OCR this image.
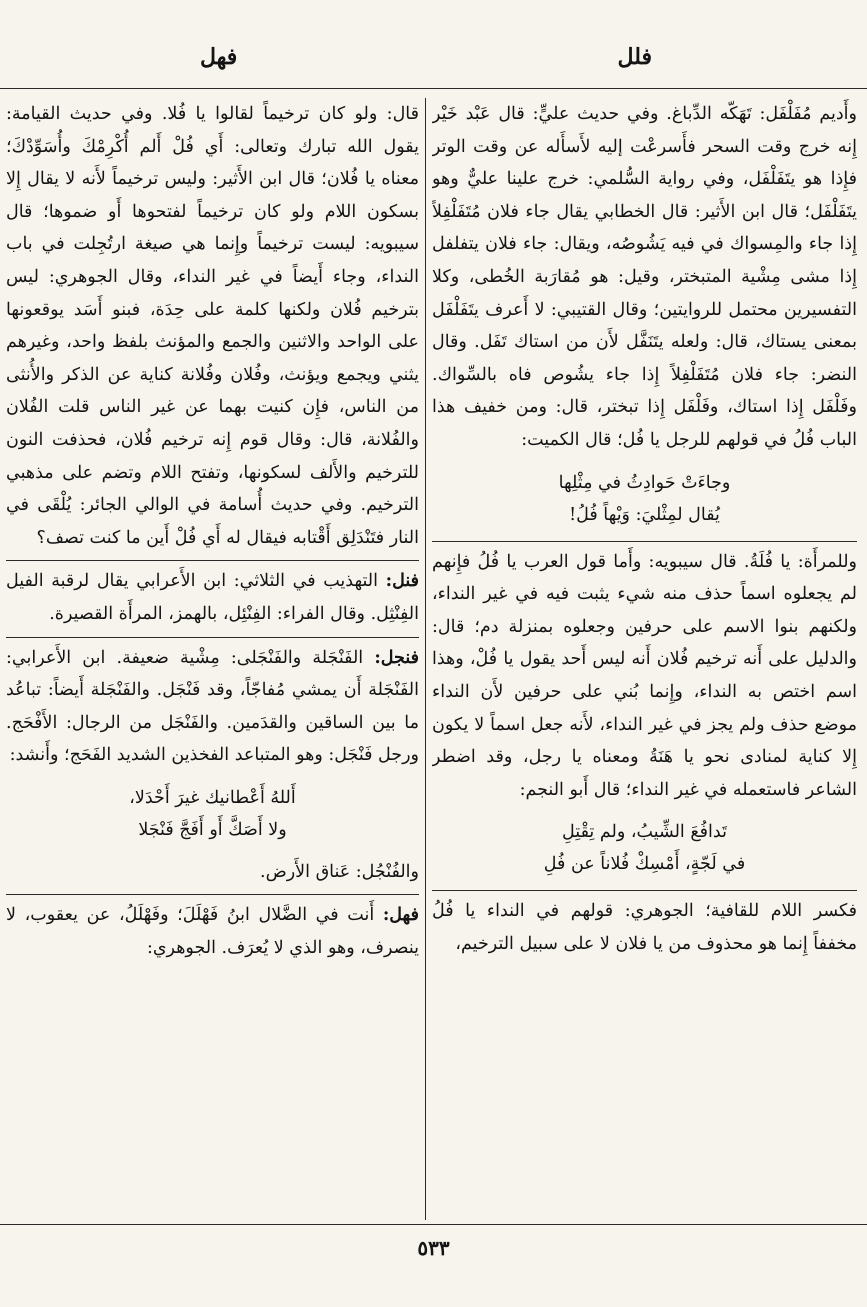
فلل
فهل

وأَديم مُفَلْفَل: تَهَكّه الدِّباغ. وفي حديث عليٍّ: قال عَبْد خَيْر إِنه خرج وقت السحر فأَسرعْت إليه لأَسأَله عن وقت الوتر فإِذا هو يتَفَلْفَل، وفي رواية السُّلمي: خرج علينا عليٌّ وهو يتَفَلْفَل؛ قال ابن الأَثير: قال الخطابي يقال جاء فلان مُتَفَلْفِلاً إِذا جاء والمِسواك في فيه يَشُوصُه، ويقال: جاء فلان يتفلفل إِذا مشى مِشْية المتبختر، وقيل: هو مُقارَبة الخُطى، وكلا التفسيرين محتمل للروايتين؛ وقال القتيبي: لا أَعرف يتَفَلْفَل بمعنى يستاك، قال: ولعله يتَنَفَّل لأَن من استاك تَفَل. وقال النضر: جاء فلان مُتَفَلْفِلاً إِذا جاء يشُوص فاه بالسِّواك. وفَلْفَل إِذا استاك، وفَلْفَل إِذا تبختر، قال: ومن خفيف هذا الباب فُلُ في قولهم للرجل يا فُل؛ قال الكميت:

وجاءَتْ حَوادِثُ في مِثْلِها
يُقال لمِثْليَ: وَيْهاً فُلُ!

وللمرأَة: يا فُلَةُ. قال سيبويه: وأَما قول العرب يا فُلُ فإِنهم لم يجعلوه اسماً حذف منه شيء يثبت فيه في غير النداء، ولكنهم بنوا الاسم على حرفين وجعلوه بمنزلة دم؛ قال: والدليل على أَنه ترخيم فُلان أَنه ليس أَحد يقول يا فُلْ، وهذا اسم اختص به النداء، وإِنما بُني على حرفين لأَن النداء موضع حذف ولم يجز في غير النداء، لأَنه جعل اسماً لا يكون إِلا كناية لمنادى نحو يا هَنَةُ ومعناه يا رجل، وقد اضطر الشاعر فاستعمله في غير النداء؛ قال أَبو النجم:

تَدافُعَ الشِّيبُ، ولم تِقْتِلِ
في لَجّةٍ، أَمْسِكْ فُلاناً عن فُلِ

فكسر اللام للقافية؛ الجوهري: قولهم في النداء يا فُلُ مخففاً إِنما هو محذوف من يا فلان لا على سبيل الترخيم،

قال: ولو كان ترخيماً لقالوا يا فُلا. وفي حديث القيامة: يقول الله تبارك وتعالى: أَي فُلْ أَلم أُكْرِمْكَ وأُسَوِّدْكَ؛ معناه يا فُلان؛ قال ابن الأَثير: وليس ترخيماً لأَنه لا يقال إِلا بسكون اللام ولو كان ترخيماً لفتحوها أَو ضموها؛ قال سيبويه: ليست ترخيماً وإِنما هي صيغة ارتُجِلت في باب النداء، وجاء أَيضاً في غير النداء، وقال الجوهري: ليس بترخيم فُلان ولكنها كلمة على حِدَة، فبنو أَسَد يوقعونها على الواحد والاثنين والجمع والمؤنث بلفظ واحد، وغيرهم يثني ويجمع ويؤنث، وفُلان وفُلانة كناية عن الذكر والأُنثى من الناس، فإِن كنيت بهما عن غير الناس قلت الفُلان والفُلانة، قال: وقال قوم إِنه ترخيم فُلان، فحذفت النون للترخيم والأَلف لسكونها، وتفتح اللام وتضم على مذهبي الترخيم. وفي حديث أُسامة في الوالي الجائر: يُلْقَى في النار فتَنْدَلِق أَقْتابه فيقال له أَي فُلْ أَين ما كنت تصف؟

فنل: التهذيب في الثلاثي: ابن الأَعرابي يقال لرقبة الفيل الفِنْثِل. وقال الفراء: الفِنْئِل، بالهمز، المرأَة القصيرة.

فنجل: الفَنْجَلة والفَنْجَلى: مِشْية ضعيفة. ابن الأَعرابي: الفَنْجَلة أَن يمشي مُفاجّاً، وقد فَنْجَل. والفَنْجَلة أَيضاً: تباعُد ما بين الساقين والقدَمين. والفَنْجَل من الرجال: الأَفْحَج. ورجل فَنْجَل: وهو المتباعد الفخذين الشديد الفَحَج؛ وأَنشد:

أَللهُ أَعْطانيك غيرَ أَحْدَلا،
ولا أَصَكَّ أَو أَفَجَّ فَنْجَلا

والفُنْجُل: عَناق الأَرض.

فهل: أَنت في الضَّلال ابنُ فَهْلَلَ؛ وفَهْلَلُ، عن يعقوب، لا ينصرف، وهو الذي لا يُعرَف. الجوهري:

٥٣٣
